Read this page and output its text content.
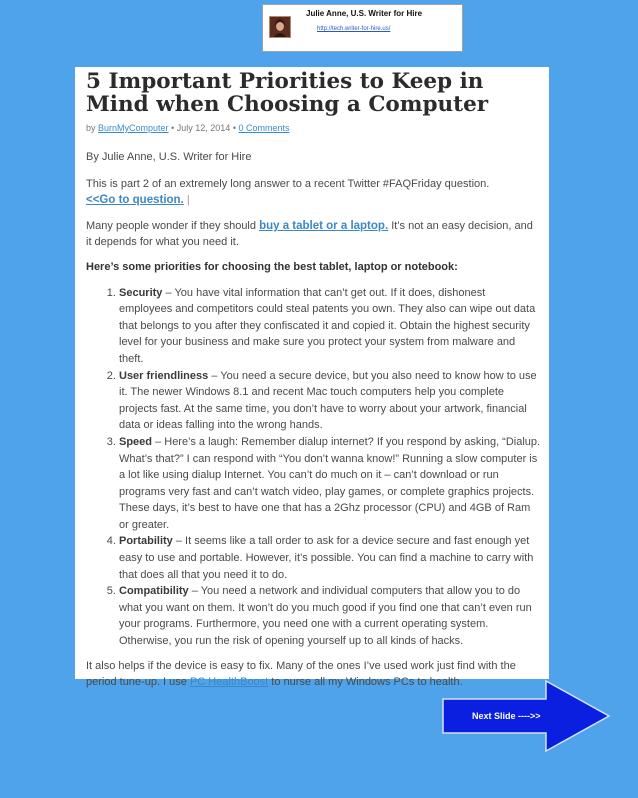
Julie Anne, U.S. Writer for Hire
http://tech.writer-for-hire.us/
5 Important Priorities to Keep in Mind when Choosing a Computer
by BurnMyComputer • July 12, 2014 • 0 Comments

By Julie Anne, U.S. Writer for Hire

This is part 2 of an extremely long answer to a recent Twitter #FAQFriday question.
<<Go to question. |

Many people wonder if they should buy a tablet or a laptop. It’s not an easy decision, and it depends for what you need it.

Here’s some priorities for choosing the best tablet, laptop or notebook:

1. Security – You have vital information that can’t get out. If it does, dishonest employees and competitors could steal patents you own. They also can wipe out data that belongs to you after they confiscated it and copied it. Obtain the highest security level for your business and make sure you protect your system from malware and theft.
2. User friendliness – You need a secure device, but you also need to know how to use it. The newer Windows 8.1 and recent Mac touch computers help you complete projects fast. At the same time, you don’t have to worry about your artwork, financial data or ideas falling into the wrong hands.
3. Speed – Here’s a laugh: Remember dialup internet? If you respond by asking, “Dialup. What’s that?” I can respond with “You don’t wanna know!” Running a slow computer is a lot like using dialup Internet. You can’t do much on it – can’t download or run programs very fast and can’t watch video, play games, or complete graphics projects. These days, it’s best to have one that has a 2Ghz processor (CPU) and 4GB of Ram or greater.
4. Portability – It seems like a tall order to ask for a device secure and fast enough yet easy to use and portable. However, it’s possible. You can find a machine to carry with that does all that you need it to do.
5. Compatibility – You need a network and individual computers that allow you to do what you want on them. It won’t do you much good if you find one that can’t even run your programs. Furthermore, you need one with a current operating system. Otherwise, you run the risk of opening yourself up to all kinds of hacks.

It also helps if the device is easy to fix. Many of the ones I’ve used work just find with the period tune-up. I use PC HealthBoost to nurse all my Windows PCs to health.

Next Slide ---->>
